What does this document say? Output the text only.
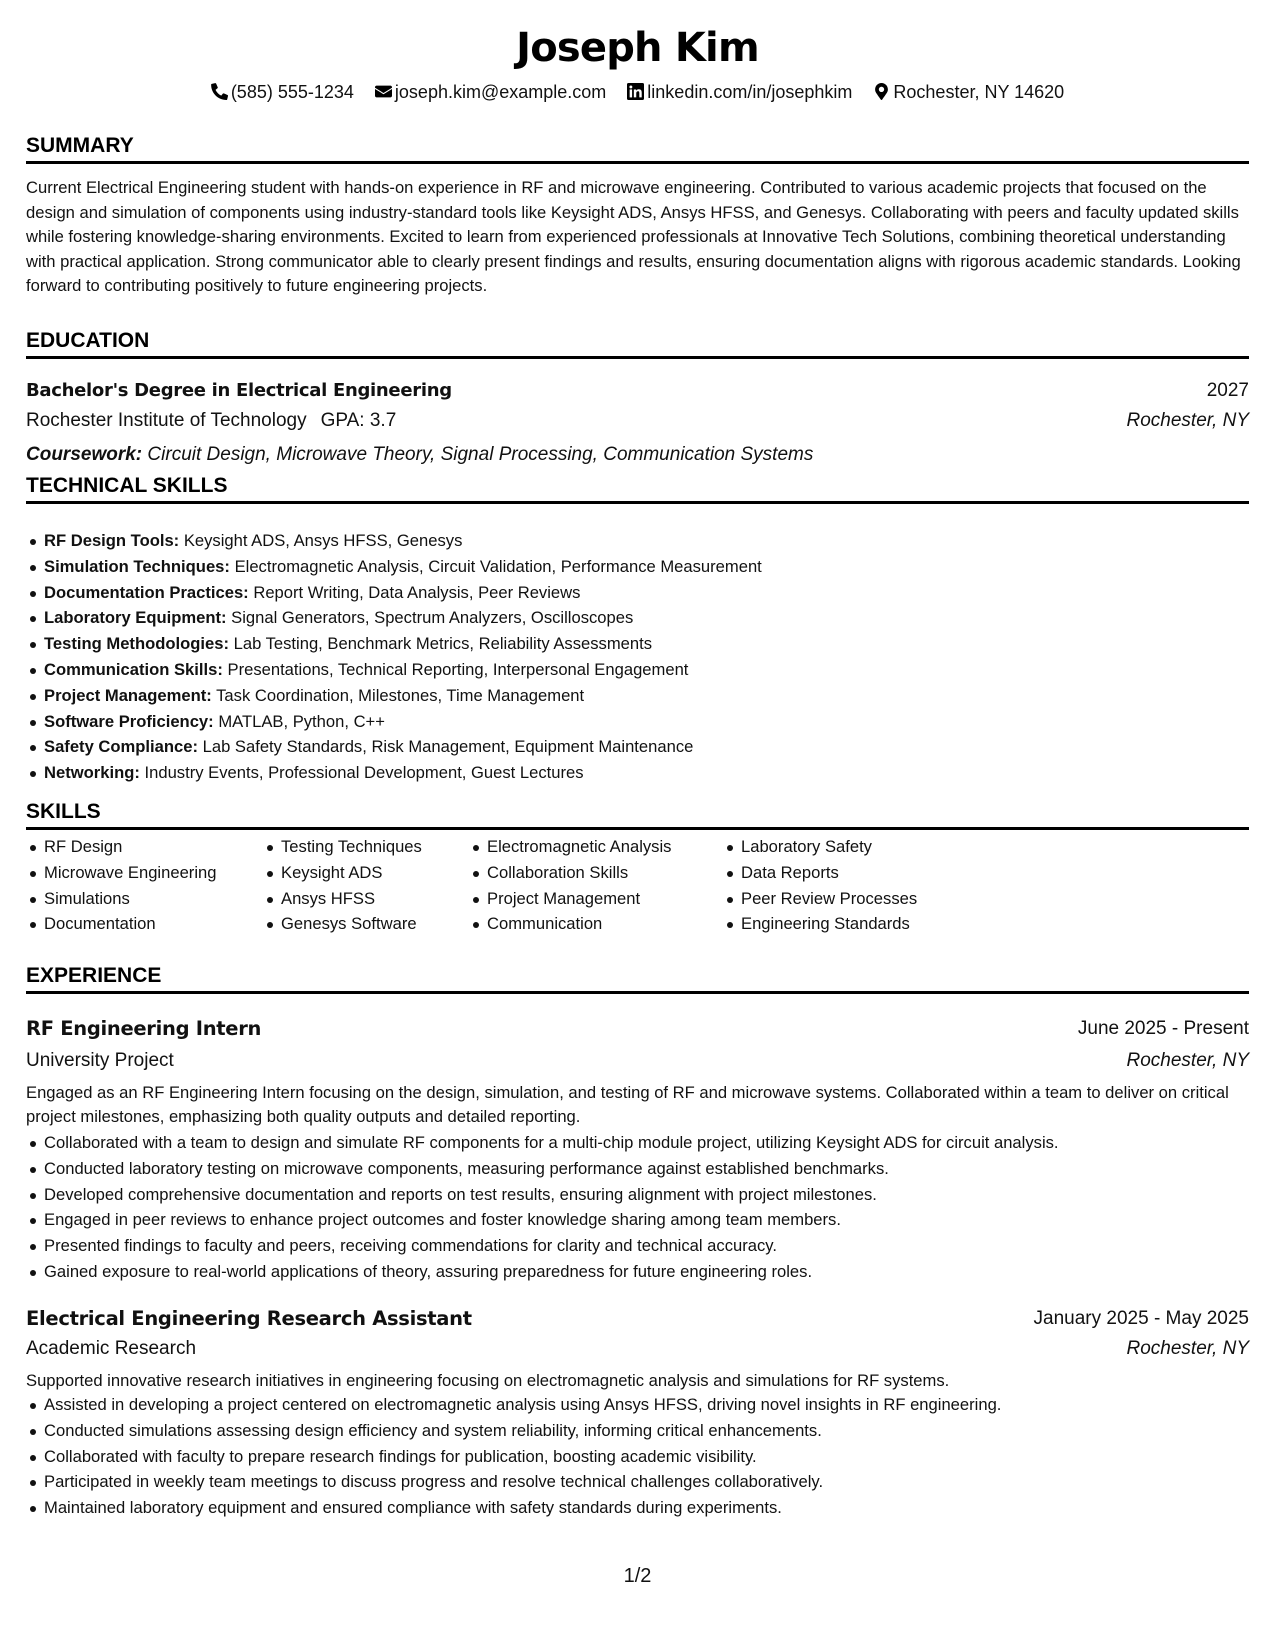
Joseph Kim
(585) 555-1234 joseph.kim@example.com linkedin.com/in/josephkim Rochester, NY 14620
SUMMARY

Current Electrical Engineering student with hands-on experience in RF and microwave engineering. Contributed to various academic projects that focused on the design and simulation of components using industry-standard tools like Keysight ADS, Ansys HFSS, and Genesys. Collaborating with peers and faculty updated skills while fostering knowledge-sharing environments. Excited to learn from experienced professionals at Innovative Tech Solutions, combining theoretical understanding with practical application. Strong communicator able to clearly present findings and results, ensuring documentation aligns with rigorous academic standards. Looking forward to contributing positively to future engineering projects.

EDUCATION
Bachelor's Degree in Electrical Engineering	2027
Rochester Institute of Technology GPA: 3.7	Rochester, NY
Coursework: Circuit Design, Microwave Theory, Signal Processing, Communication Systems
TECHNICAL SKILLS
RF Design Tools: Keysight ADS, Ansys HFSS, Genesys
Simulation Techniques: Electromagnetic Analysis, Circuit Validation, Performance Measurement
Documentation Practices: Report Writing, Data Analysis, Peer Reviews
Laboratory Equipment: Signal Generators, Spectrum Analyzers, Oscilloscopes
Testing Methodologies: Lab Testing, Benchmark Metrics, Reliability Assessments
Communication Skills: Presentations, Technical Reporting, Interpersonal Engagement
Project Management: Task Coordination, Milestones, Time Management
Software Proficiency: MATLAB, Python, C++
Safety Compliance: Lab Safety Standards, Risk Management, Equipment Maintenance
Networking: Industry Events, Professional Development, Guest Lectures
SKILLS
RF Design
Microwave Engineering
Simulations
Documentation
Testing Techniques
Keysight ADS
Ansys HFSS
Genesys Software
Electromagnetic Analysis
Collaboration Skills
Project Management
Communication
Laboratory Safety
Data Reports
Peer Review Processes
Engineering Standards
EXPERIENCE
RF Engineering Intern	June 2025 - Present
University Project	Rochester, NY

Engaged as an RF Engineering Intern focusing on the design, simulation, and testing of RF and microwave systems. Collaborated within a team to deliver on critical project milestones, emphasizing both quality outputs and detailed reporting.

Collaborated with a team to design and simulate RF components for a multi-chip module project, utilizing Keysight ADS for circuit analysis.
Conducted laboratory testing on microwave components, measuring performance against established benchmarks.
Developed comprehensive documentation and reports on test results, ensuring alignment with project milestones.
Engaged in peer reviews to enhance project outcomes and foster knowledge sharing among team members.
Presented findings to faculty and peers, receiving commendations for clarity and technical accuracy.
Gained exposure to real-world applications of theory, assuring preparedness for future engineering roles.
Electrical Engineering Research Assistant	January 2025 - May 2025
Academic Research	Rochester, NY

Supported innovative research initiatives in engineering focusing on electromagnetic analysis and simulations for RF systems.

Assisted in developing a project centered on electromagnetic analysis using Ansys HFSS, driving novel insights in RF engineering.
Conducted simulations assessing design efficiency and system reliability, informing critical enhancements.
Collaborated with faculty to prepare research findings for publication, boosting academic visibility.
Participated in weekly team meetings to discuss progress and resolve technical challenges collaboratively.
Maintained laboratory equipment and ensured compliance with safety standards during experiments.
1/2
